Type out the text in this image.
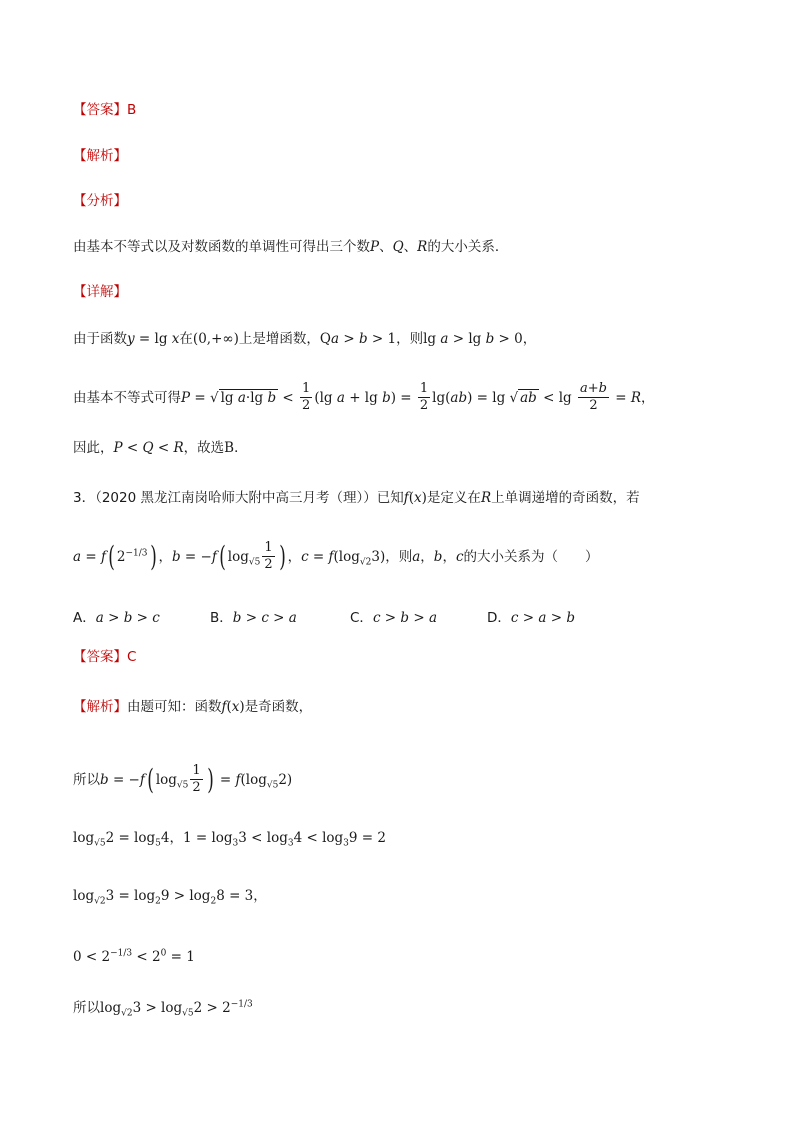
【答案】B
【解析】
【分析】
由基本不等式以及对数函数的单调性可得出三个数P、Q、R的大小关系．
【详解】
由于函数y = lg x在(0,+∞)上是增函数，Qa > b > 1，则lg a > lg b > 0，
由基本不等式可得P = √ lg a·lg $b < \frac{1}{2} (\lg$ $a + \lg b) = \frac{1}{2} \lg(ab) = \lg$ √ ab < $\lg \frac{a+b}{2} = R$，
因此，P < Q < R，故选B．
3．（2020 黑龙江南岗哈师大附中高三月考（理））已知f(x)是定义在R上单调递增的奇函数，若
a = f( $2^{-1/3}$) ，b = −f( $\log_{√5} \frac{1}{2}$ ) ，$c = f(\log_{√2}3)$，则a，b，c的大小关系为（　　）
A．a > b > c	B．b > c > a	C．c > b > a	D．c > a > b
【答案】C
【解析】由题可知：函数f(x)是奇函数，
所以b = −f( $\log_{√5} \frac{1}{2}$ ) = $f(\log_{√5}2)$
$\log_{√5}2 = \log_54$，$1 = \log_33 < \log_34 < \log_39 = 2$
$\log_{√2}3 = \log_29 > \log_28 = 3$，
$0 < 2^{-1/3} < 2^0 = 1$
所以$\log_{√2}3 > \log_{√5}2 > 2^{-1/3}$
